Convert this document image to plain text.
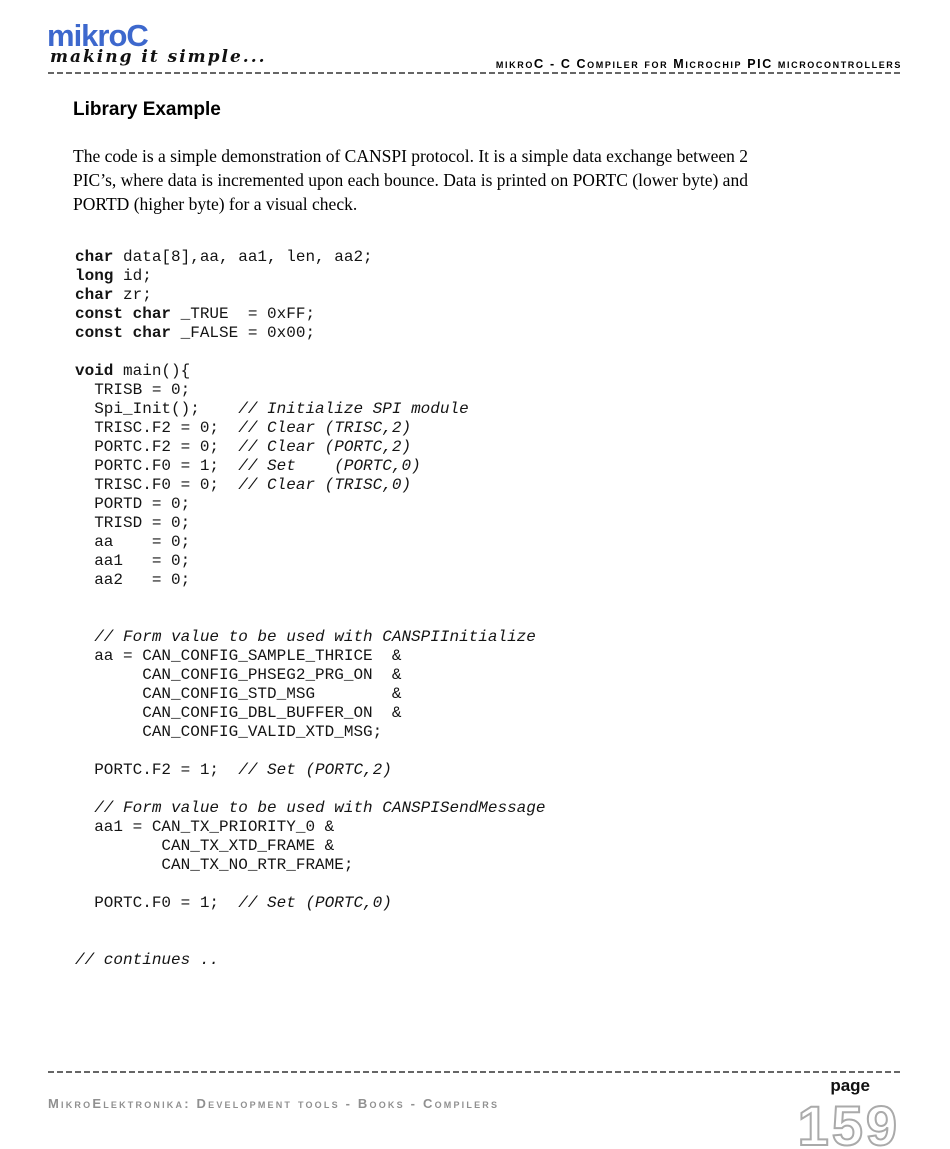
mikroC
making it simple...	mikroC - C Compiler for Microchip PIC microcontrollers
Library Example
The code is a simple demonstration of CANSPI protocol. It is a simple data exchange between 2
PIC’s, where data is incremented upon each bounce. Data is printed on PORTC (lower byte) and
PORTD (higher byte) for a visual check.
char data[8],aa, aa1, len, aa2;
long id;
char zr;
const char _TRUE  = 0xFF;
const char _FALSE = 0x00;

void main(){
TRISB = 0;
Spi_Init();    // Initialize SPI module
TRISC.F2 = 0;  // Clear (TRISC,2)
PORTC.F2 = 0;  // Clear (PORTC,2)
PORTC.F0 = 1;  // Set    (PORTC,0)
TRISC.F0 = 0;  // Clear (TRISC,0)
PORTD = 0;
TRISD = 0;
aa    = 0;
aa1   = 0;
aa2   = 0;

// Form value to be used with CANSPIInitialize
aa = CAN_CONFIG_SAMPLE_THRICE  &
CAN_CONFIG_PHSEG2_PRG_ON  &
CAN_CONFIG_STD_MSG        &
CAN_CONFIG_DBL_BUFFER_ON  &
CAN_CONFIG_VALID_XTD_MSG;

PORTC.F2 = 1;  // Set (PORTC,2)

// Form value to be used with CANSPISendMessage
aa1 = CAN_TX_PRIORITY_0 &
CAN_TX_XTD_FRAME &
CAN_TX_NO_RTR_FRAME;

PORTC.F0 = 1;  // Set (PORTC,0)

// continues ..
page
MikroElektronika: Development tools - Books - Compilers	159
